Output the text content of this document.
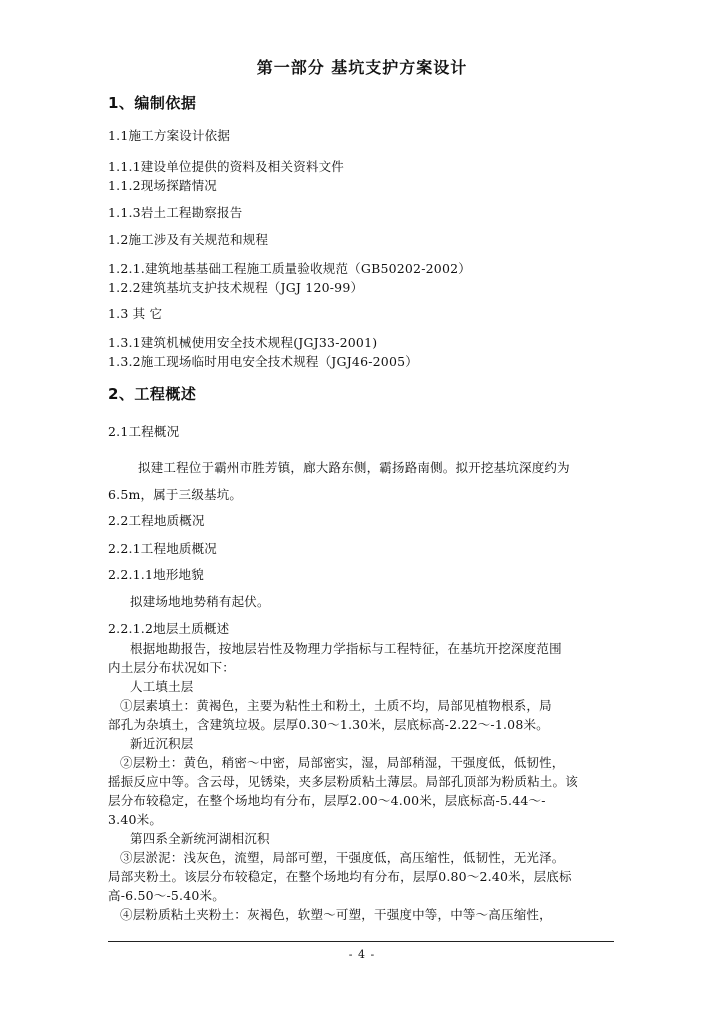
第一部分 基坑支护方案设计
1、编制依据
1.1施工方案设计依据
1.1.1建设单位提供的资料及相关资料文件
1.1.2现场探踏情况
1.1.3岩土工程勘察报告
1.2施工涉及有关规范和规程
1.2.1.建筑地基基础工程施工质量验收规范（GB50202-2002）
1.2.2建筑基坑支护技术规程（JGJ 120-99）
1.3 其 它
1.3.1建筑机械使用安全技术规程(JGJ33-2001)
1.3.2施工现场临时用电安全技术规程（JGJ46-2005）
2、工程概述
2.1工程概况
拟建工程位于霸州市胜芳镇，廊大路东侧，霸扬路南侧。拟开挖基坑深度约为
6.5m，属于三级基坑。
2.2工程地质概况
2.2.1工程地质概况
2.2.1.1地形地貌
拟建场地地势稍有起伏。
2.2.1.2地层土质概述
根据地勘报告，按地层岩性及物理力学指标与工程特征，在基坑开挖深度范围
内土层分布状况如下：
人工填土层
①层素填土：黄褐色，主要为粘性土和粉土，土质不均，局部见植物根系，局
部孔为杂填土，含建筑垃圾。层厚0.30～1.30米，层底标高-2.22～-1.08米。
新近沉积层
②层粉土：黄色，稍密～中密，局部密实，湿，局部稍湿，干强度低，低韧性，
摇振反应中等。含云母，见锈染，夹多层粉质粘土薄层。局部孔顶部为粉质粘土。该
层分布较稳定，在整个场地均有分布，层厚2.00～4.00米，层底标高-5.44～-
3.40米。
第四系全新统河湖相沉积
③层淤泥：浅灰色，流塑，局部可塑，干强度低，高压缩性，低韧性，无光泽。
局部夹粉土。该层分布较稳定，在整个场地均有分布，层厚0.80～2.40米，层底标
高-6.50～-5.40米。
④层粉质粘土夹粉土：灰褐色，软塑～可塑，干强度中等，中等～高压缩性，
- 4 -
